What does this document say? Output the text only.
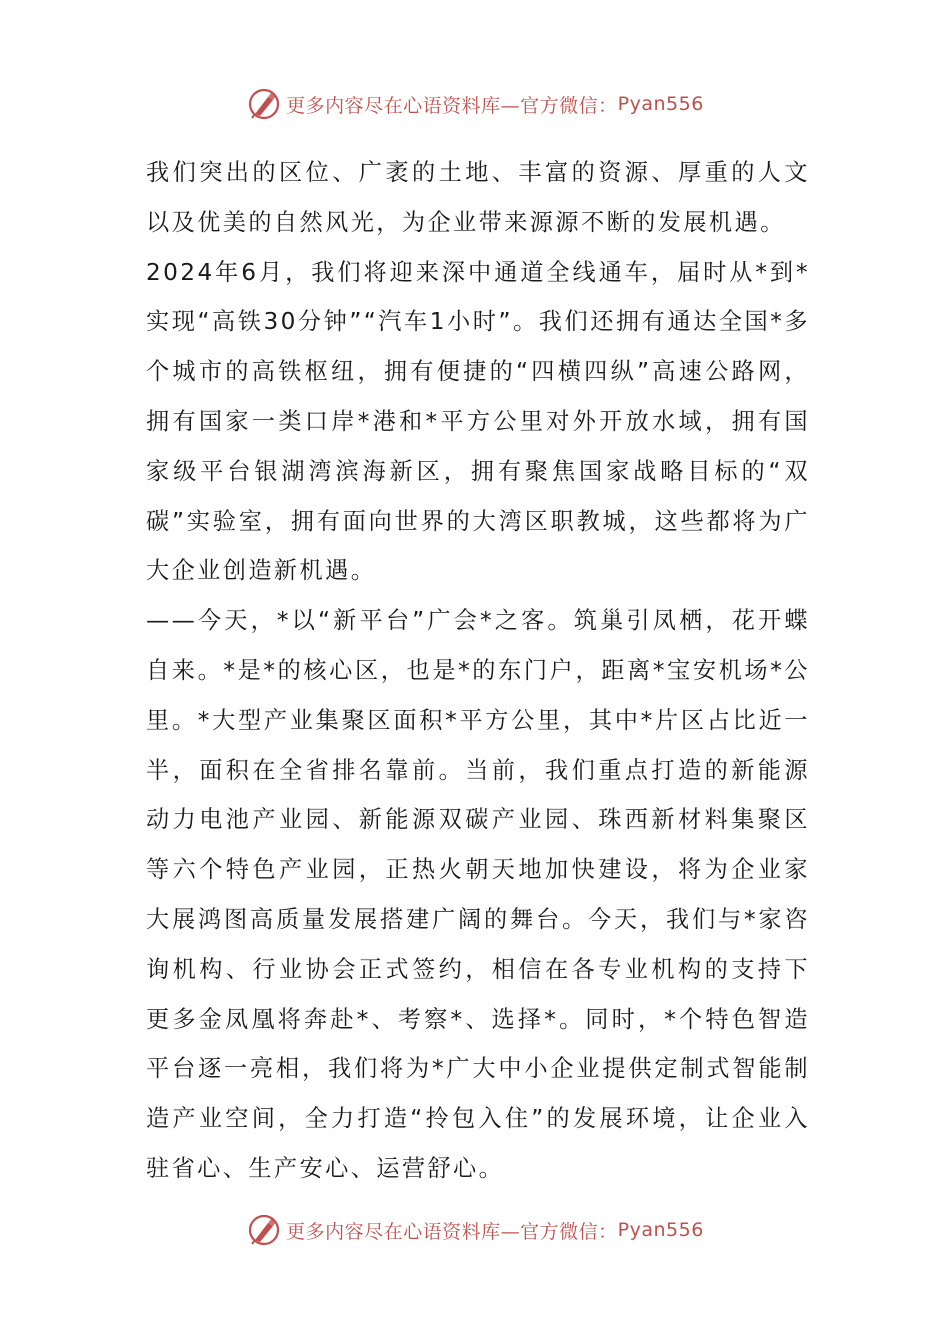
更多内容尽在心语资料库—官方微信： Pyan556

我们突出的区位、广袤的土地、丰富的资源、厚重的人文以及优美的自然风光，为企业带来源源不断的发展机遇。

2024年6月，我们将迎来深中通道全线通车，届时从*到*实现“高铁30分钟”“汽车1小时”。我们还拥有通达全国*多个城市的高铁枢纽，拥有便捷的“四横四纵”高速公路网，拥有国家一类口岸*港和*平方公里对外开放水域，拥有国家级平台银湖湾滨海新区，拥有聚焦国家战略目标的“双碳”实验室，拥有面向世界的大湾区职教城，这些都将为广大企业创造新机遇。

——今天，*以“新平台”广会*之客。筑巢引凤栖，花开蝶自来。*是*的核心区，也是*的东门户，距离*宝安机场*公里。*大型产业集聚区面积*平方公里，其中*片区占比近一半，面积在全省排名靠前。当前，我们重点打造的新能源动力电池产业园、新能源双碳产业园、珠西新材料集聚区等六个特色产业园，正热火朝天地加快建设，将为企业家大展鸿图高质量发展搭建广阔的舞台。今天，我们与*家咨询机构、行业协会正式签约，相信在各专业机构的支持下更多金凤凰将奔赴*、考察*、选择*。同时，*个特色智造平台逐一亮相，我们将为*广大中小企业提供定制式智能制造产业空间，全力打造“拎包入住”的发展环境，让企业入驻省心、生产安心、运营舒心。

更多内容尽在心语资料库—官方微信： Pyan556
